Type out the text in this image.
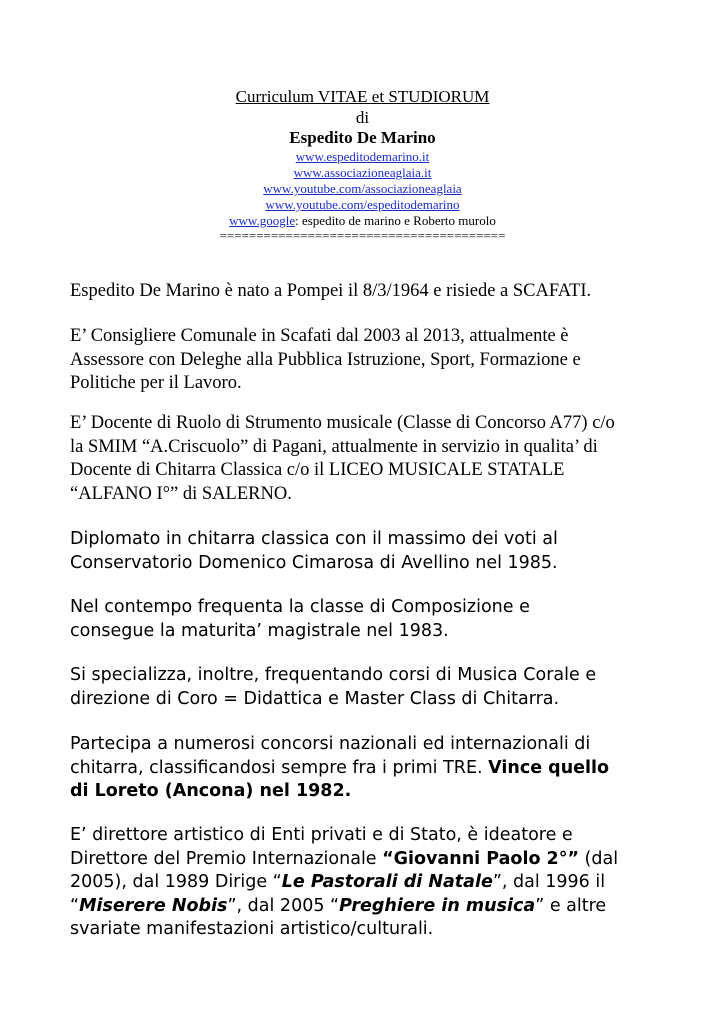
Curriculum VITAE et STUDIORUM
di
Espedito De Marino
www.espeditodemarino.it
www.associazioneaglaia.it
www.youtube.com/associazioneaglaia
www.youtube.com/espeditodemarino
www.google: espedito de marino e Roberto murolo
=======================================
Espedito De Marino è nato a Pompei il 8/3/1964 e risiede a SCAFATI.
E’ Consigliere Comunale in Scafati dal 2003 al 2013, attualmente è
Assessore con Deleghe alla Pubblica Istruzione, Sport, Formazione e
Politiche per il Lavoro.
E’ Docente di Ruolo di Strumento musicale (Classe di Concorso A77) c/o
la SMIM “A.Criscuolo” di Pagani, attualmente in servizio in qualita’ di
Docente di Chitarra Classica c/o il LICEO MUSICALE STATALE
“ALFANO I°” di SALERNO.
Diplomato in chitarra classica con il massimo dei voti al
Conservatorio Domenico Cimarosa di Avellino nel 1985.
Nel contempo frequenta la classe di Composizione e
consegue la maturita’ magistrale nel 1983.
Si specializza, inoltre, frequentando corsi di Musica Corale e
direzione di Coro = Didattica e Master Class di Chitarra.
Partecipa a numerosi concorsi nazionali ed internazionali di
chitarra, classificandosi sempre fra i primi TRE. Vince quello
di Loreto (Ancona) nel 1982.
E’ direttore artistico di Enti privati e di Stato, è ideatore e
Direttore del Premio Internazionale “Giovanni Paolo 2°” (dal
2005), dal 1989 Dirige “Le Pastorali di Natale”, dal 1996 il
“Miserere Nobis”, dal 2005 “Preghiere in musica” e altre
svariate manifestazioni artistico/culturali.
